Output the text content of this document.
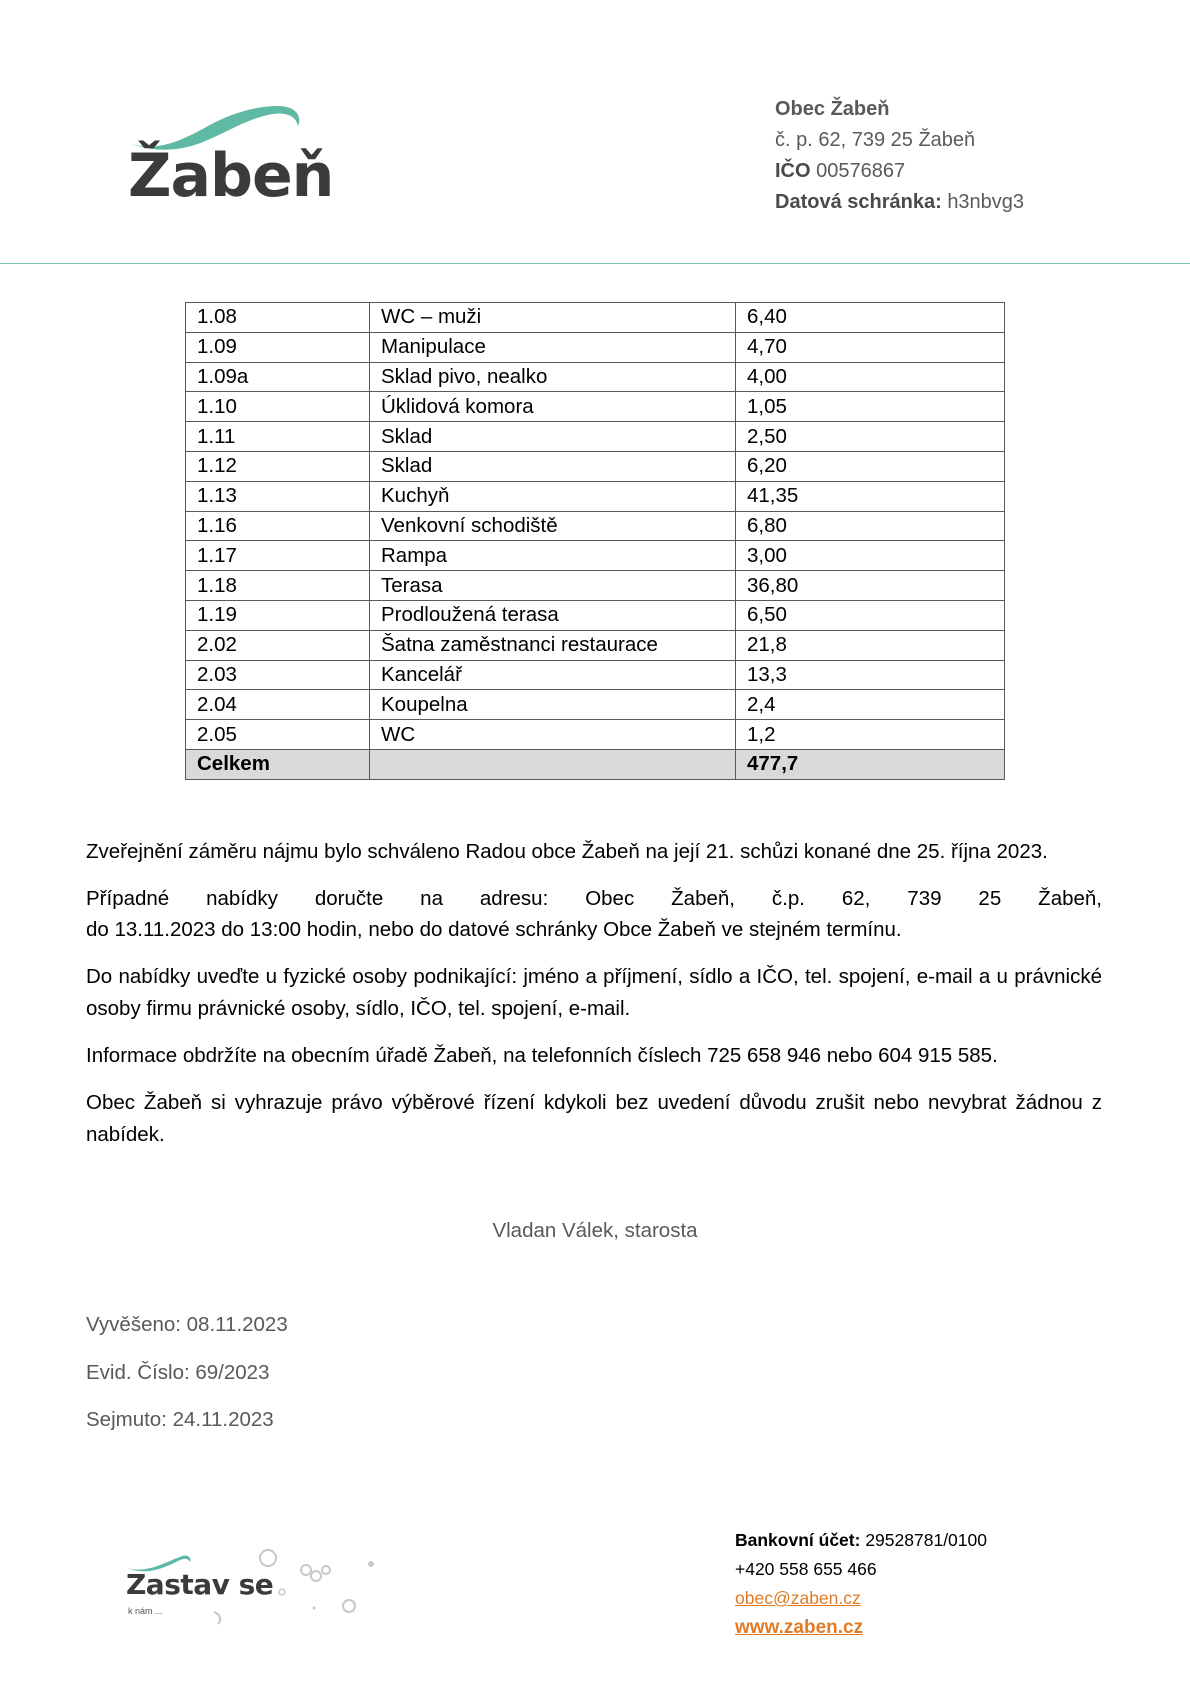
Žabeň
Obec Žabeň
č. p. 62, 739 25 Žabeň
IČO 00576867
Datová schránka: h3nbvg3
1.08	WC – muži	6,40
1.09	Manipulace	4,70
1.09a	Sklad pivo, nealko	4,00
1.10	Úklidová komora	1,05
1.11	Sklad	2,50
1.12	Sklad	6,20
1.13	Kuchyň	41,35
1.16	Venkovní schodiště	6,80
1.17	Rampa	3,00
1.18	Terasa	36,80
1.19	Prodloužená terasa	6,50
2.02	Šatna zaměstnanci restaurace	21,8
2.03	Kancelář	13,3
2.04	Koupelna	2,4
2.05	WC	1,2
Celkem		477,7

Zveřejnění záměru nájmu bylo schváleno Radou obce Žabeň na její 21. schůzi konané dne 25. října 2023.

Případné nabídky doručte na adresu: Obec Žabeň, č.p. 62, 739 25 Žabeň,

do 13.11.2023 do 13:00 hodin, nebo do datové schránky Obce Žabeň ve stejném termínu.

Do nabídky uveďte u fyzické osoby podnikající: jméno a příjmení, sídlo a IČO, tel. spojení, e-mail a u právnické osoby firmu právnické osoby, sídlo, IČO, tel. spojení, e-mail.

Informace obdržíte na obecním úřadě Žabeň, na telefonních číslech 725 658 946 nebo 604 915 585.

Obec Žabeň si vyhrazuje právo výběrové řízení kdykoli bez uvedení důvodu zrušit nebo nevybrat žádnou z nabídek.

Vladan Válek, starosta
Vyvěšeno: 08.11.2023
Evid. Číslo: 69/2023
Sejmuto: 24.11.2023
Zastav se
k nám ...
Bankovní účet: 29528781/0100
+420 558 655 466
obec@zaben.cz
www.zaben.cz
